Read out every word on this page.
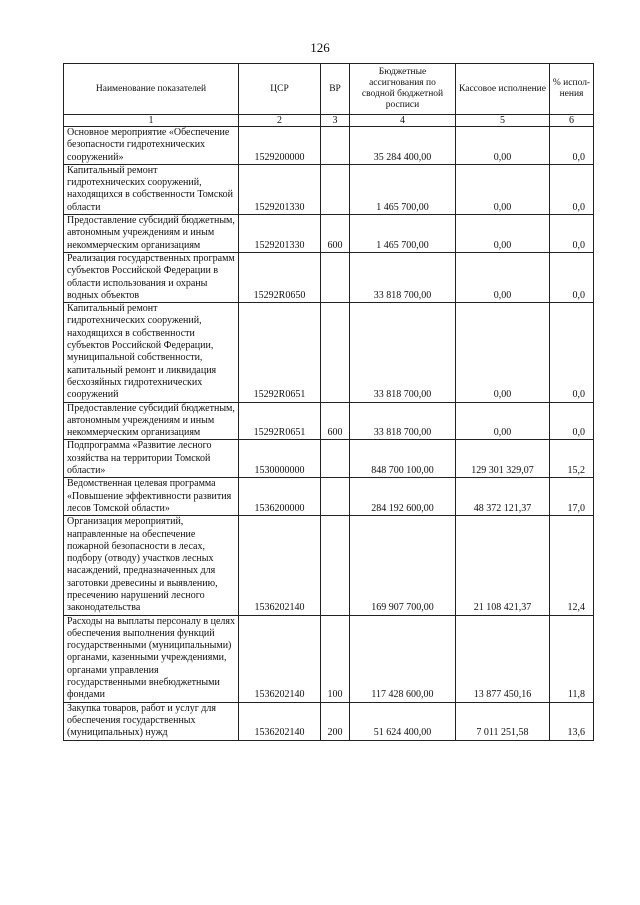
126
Наименование показателей	ЦСР	ВР	Бюджетные ассигнования по сводной бюджетной росписи	Кассовое исполнение	% испол-нения
1	2	3	4	5	6
Основное мероприятие «Обеспечение безопасности гидротехнических сооружений»	1529200000		35 284 400,00	0,00	0,0
Капитальный ремонт гидротехнических сооружений, находящихся в собственности Томской области	1529201330		1 465 700,00	0,00	0,0
Предоставление субсидий бюджетным, автономным учреждениям и иным некоммерческим организациям	1529201330	600	1 465 700,00	0,00	0,0
Реализация государственных программ субъектов Российской Федерации в области использования и охраны водных объектов	15292R0650		33 818 700,00	0,00	0,0
Капитальный ремонт гидротехнических сооружений, находящихся в собственности субъектов Российской Федерации, муниципальной собственности, капитальный ремонт и ликвидация бесхозяйных гидротехнических сооружений	15292R0651		33 818 700,00	0,00	0,0
Предоставление субсидий бюджетным, автономным учреждениям и иным некоммерческим организациям	15292R0651	600	33 818 700,00	0,00	0,0
Подпрограмма «Развитие лесного хозяйства на территории Томской области»	1530000000		848 700 100,00	129 301 329,07	15,2
Ведомственная целевая программа «Повышение эффективности развития лесов Томской области»	1536200000		284 192 600,00	48 372 121,37	17,0
Организация мероприятий, направленные на обеспечение пожарной безопасности в лесах, подбору (отводу) участков лесных насаждений, предназначенных для заготовки древесины и выявлению, пресечению нарушений лесного законодательства	1536202140		169 907 700,00	21 108 421,37	12,4
Расходы на выплаты персоналу в целях обеспечения выполнения функций государственными (муниципальными) органами, казенными учреждениями, органами управления государственными внебюджетными фондами	1536202140	100	117 428 600,00	13 877 450,16	11,8
Закупка товаров, работ и услуг для обеспечения государственных (муниципальных) нужд	1536202140	200	51 624 400,00	7 011 251,58	13,6
